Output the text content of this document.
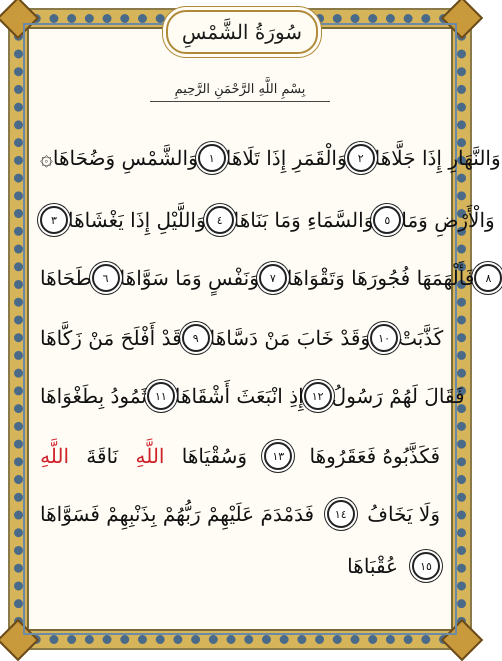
سُورَةُ الشَّمْسِ
بِسْمِ اللَّهِ الرَّحْمَنِ الرَّحِيمِ
۞ وَالشَّمْسِ وَضُحَاهَا	۱ وَالْقَمَرِ إِذَا تَلَاهَا	۲ وَالنَّهَارِ إِذَا جَلَّاهَا
۳ وَاللَّيْلِ إِذَا يَغْشَاهَا	٤ وَالسَّمَاءِ وَمَا بَنَاهَا	٥ وَالْأَرْضِ وَمَا
طَحَاهَا	٦ وَنَفْسٍ وَمَا سَوَّاهَا	۷ فَأَلْهَمَهَا فُجُورَهَا وَتَقْوَاهَا	۸
قَدْ أَفْلَحَ مَنْ زَكَّاهَا	۹ وَقَدْ خَابَ مَنْ دَسَّاهَا ۱۰ كَذَّبَتْ
ثَمُودُ بِطَغْوَاهَا ۱۱ إِذِ انْبَعَثَ أَشْقَاهَا ۱۲ فَقَالَ لَهُمْ رَسُولُ
اللَّهِ نَاقَةَ اللَّهِ وَسُقْيَاهَا	۱۳	فَكَذَّبُوهُ فَعَقَرُوهَا
فَدَمْدَمَ عَلَيْهِمْ رَبُّهُمْ بِذَنْبِهِمْ فَسَوَّاهَا	۱٤	وَلَا يَخَافُ
عُقْبَاهَا	۱٥
